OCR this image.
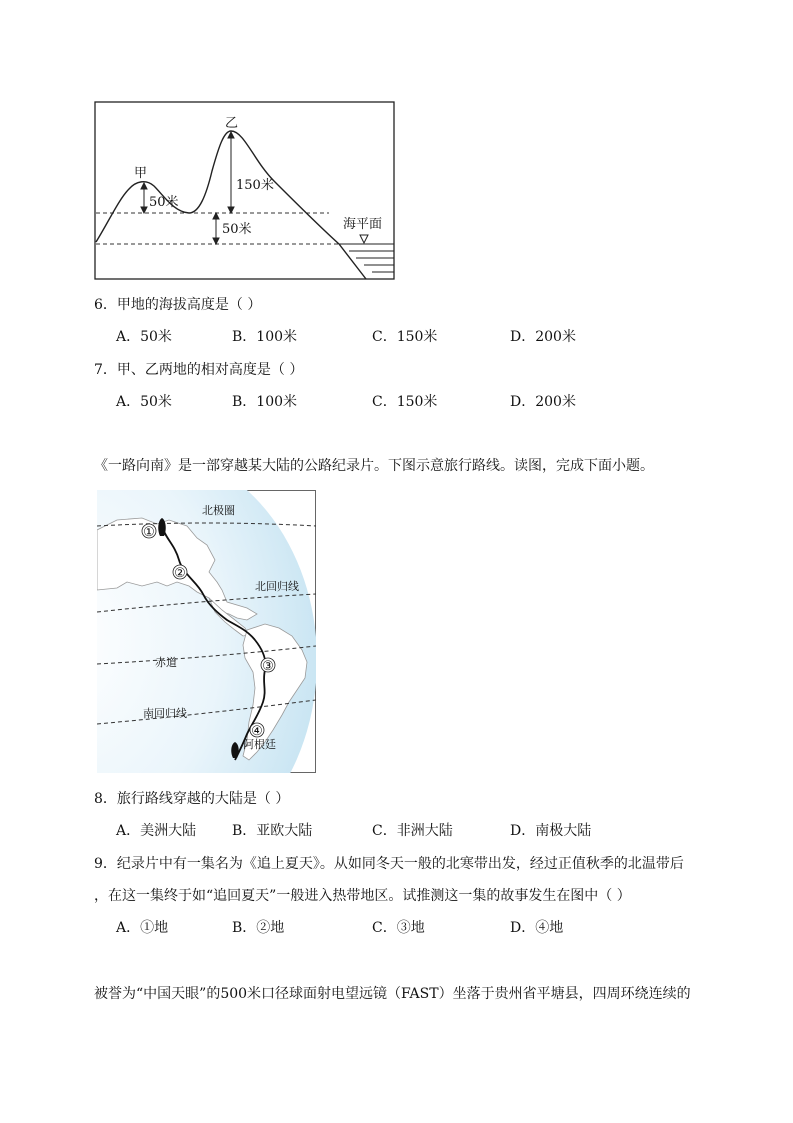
甲
乙
50米
150米
50米	海平面
6．甲地的海拔高度是（ ）
A．50米	B．100米	C．150米	D．200米
7．甲、乙两地的相对高度是（ ）
A．50米	B．100米	C．150米	D．200米
《一路向南》是一部穿越某大陆的公路纪录片。下图示意旅行路线。读图，完成下面小题。
①
②
③
④
北极圈
北回归线
赤道
南回归线
阿根廷
8．旅行路线穿越的大陆是（ ）
A．美洲大陆	B．亚欧大陆	C．非洲大陆	D．南极大陆
9．纪录片中有一集名为《追上夏天》。从如同冬天一般的北寒带出发，经过正值秋季的北温带后
，在这一集终于如“追回夏天”一般进入热带地区。试推测这一集的故事发生在图中（ ）
A．①地	B．②地	C．③地	D．④地
被誉为“中国天眼”的500米口径球面射电望远镜（FAST）坐落于贵州省平塘县，四周环绕连续的
